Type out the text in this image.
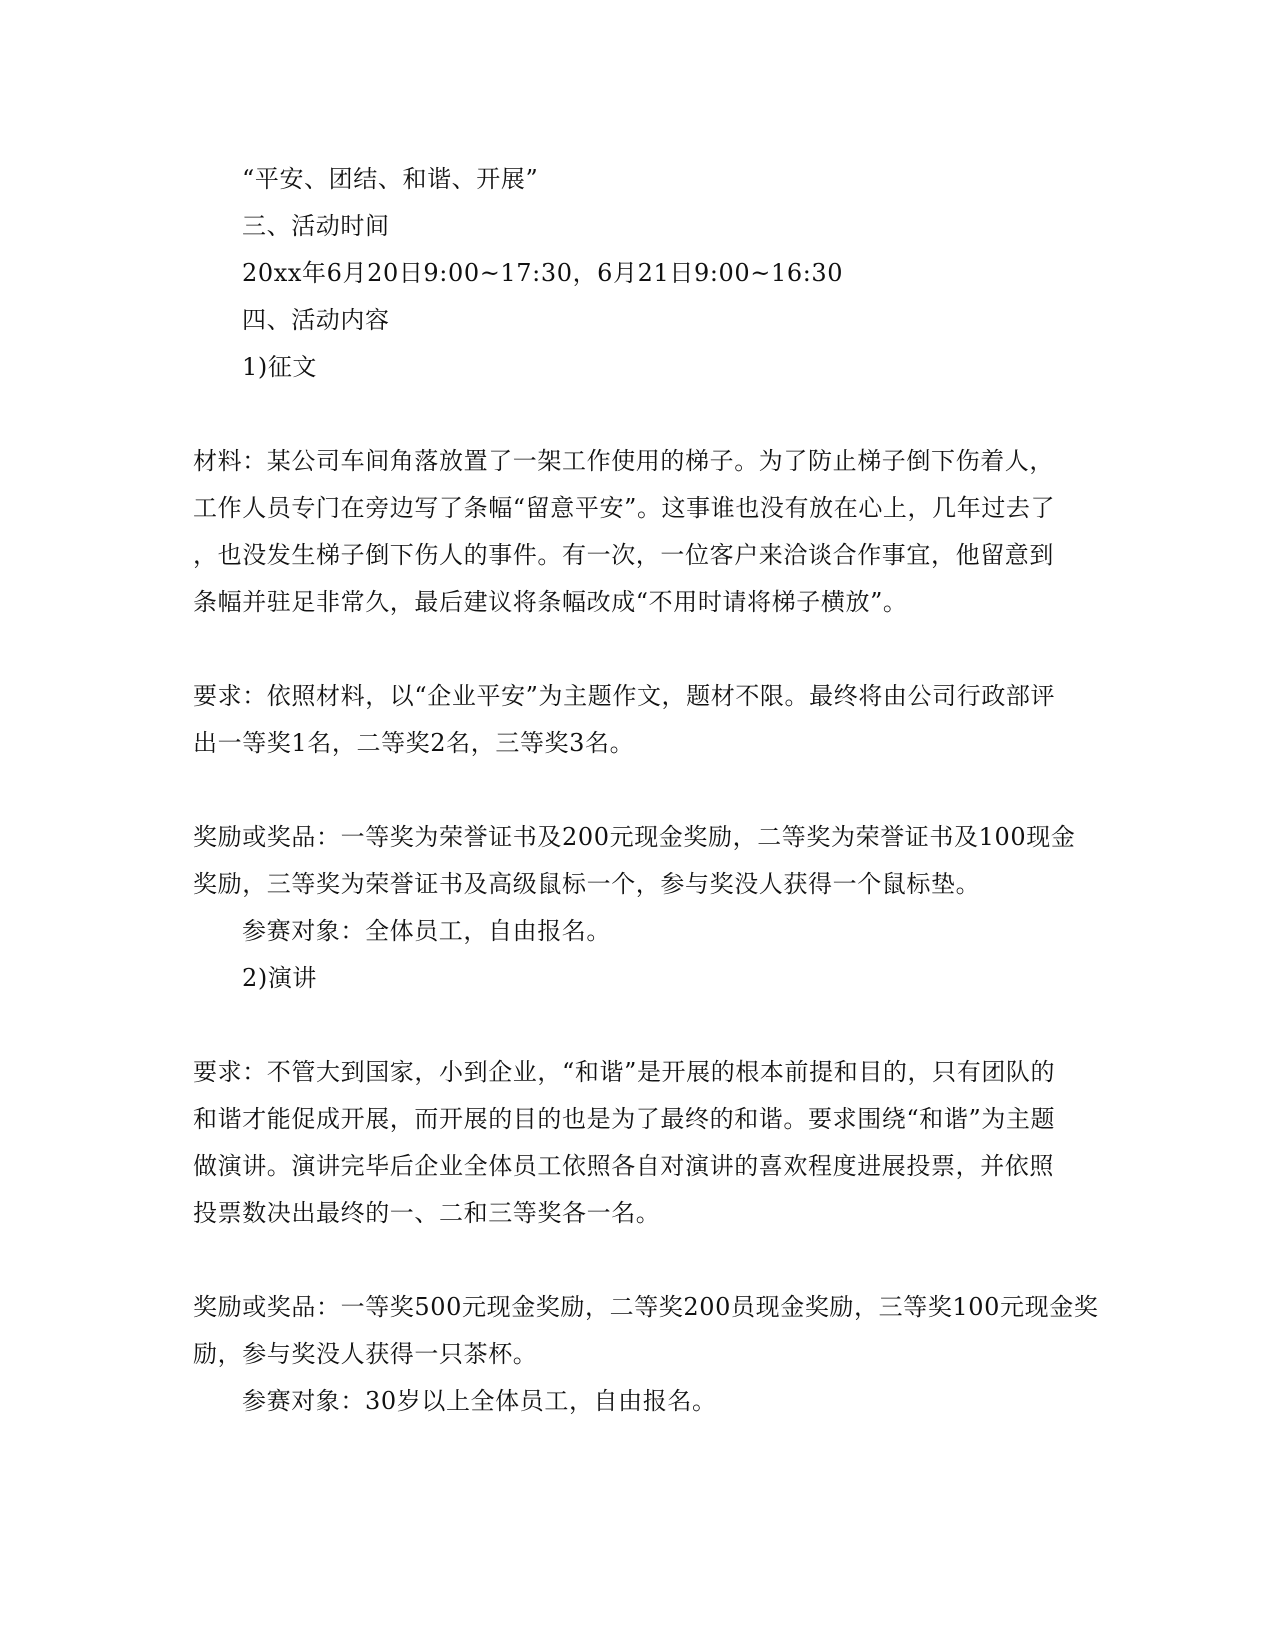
“平安、团结、和谐、开展”
三、活动时间
20xx年6月20日9:00~17:30，6月21日9:00~16:30
四、活动内容
1)征文
材料：某公司车间角落放置了一架工作使用的梯子。为了防止梯子倒下伤着人，
工作人员专门在旁边写了条幅“留意平安”。这事谁也没有放在心上，几年过去了
，也没发生梯子倒下伤人的事件。有一次，一位客户来洽谈合作事宜，他留意到
条幅并驻足非常久，最后建议将条幅改成“不用时请将梯子横放”。
要求：依照材料，以“企业平安”为主题作文，题材不限。最终将由公司行政部评
出一等奖1名，二等奖2名，三等奖3名。
奖励或奖品：一等奖为荣誉证书及200元现金奖励，二等奖为荣誉证书及100现金
奖励，三等奖为荣誉证书及高级鼠标一个，参与奖没人获得一个鼠标垫。
参赛对象：全体员工，自由报名。
2)演讲
要求：不管大到国家，小到企业，“和谐”是开展的根本前提和目的，只有团队的
和谐才能促成开展，而开展的目的也是为了最终的和谐。要求围绕“和谐”为主题
做演讲。演讲完毕后企业全体员工依照各自对演讲的喜欢程度进展投票，并依照
投票数决出最终的一、二和三等奖各一名。
奖励或奖品：一等奖500元现金奖励，二等奖200员现金奖励，三等奖100元现金奖
励，参与奖没人获得一只茶杯。
参赛对象：30岁以上全体员工，自由报名。
